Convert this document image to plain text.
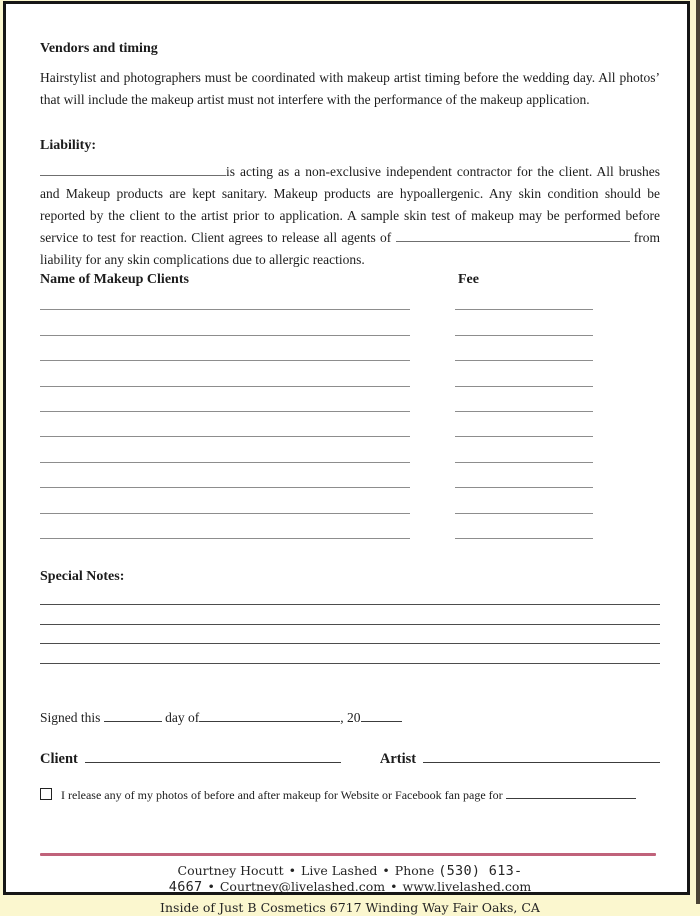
Vendors and timing

Hairstylist and photographers must be coordinated with makeup artist timing before the wedding day. All photos’ that will include the makeup artist must not interfere with the performance of the makeup application.

Liability:

is acting as a non-exclusive independent contractor for the client. All brushes and Makeup products are kept sanitary. Makeup products are hypoallergenic. Any skin condition should be reported by the client to the artist prior to application. A sample skin test of makeup may be performed before service to test for reaction. Client agrees to release all agents of	from liability for any skin complications due to allergic reactions.

Name of Makeup Clients	Fee
Special Notes:

Signed this	day of	, 20

Client	Artist
I release any of my photos of before and after makeup for Website or Facebook fan page for

Courtney Hocutt • Live Lashed • Phone (530) 613-4667 • Courtney@livelashed.com • www.livelashed.com
Inside of Just B Cosmetics 6717 Winding Way Fair Oaks, CA
